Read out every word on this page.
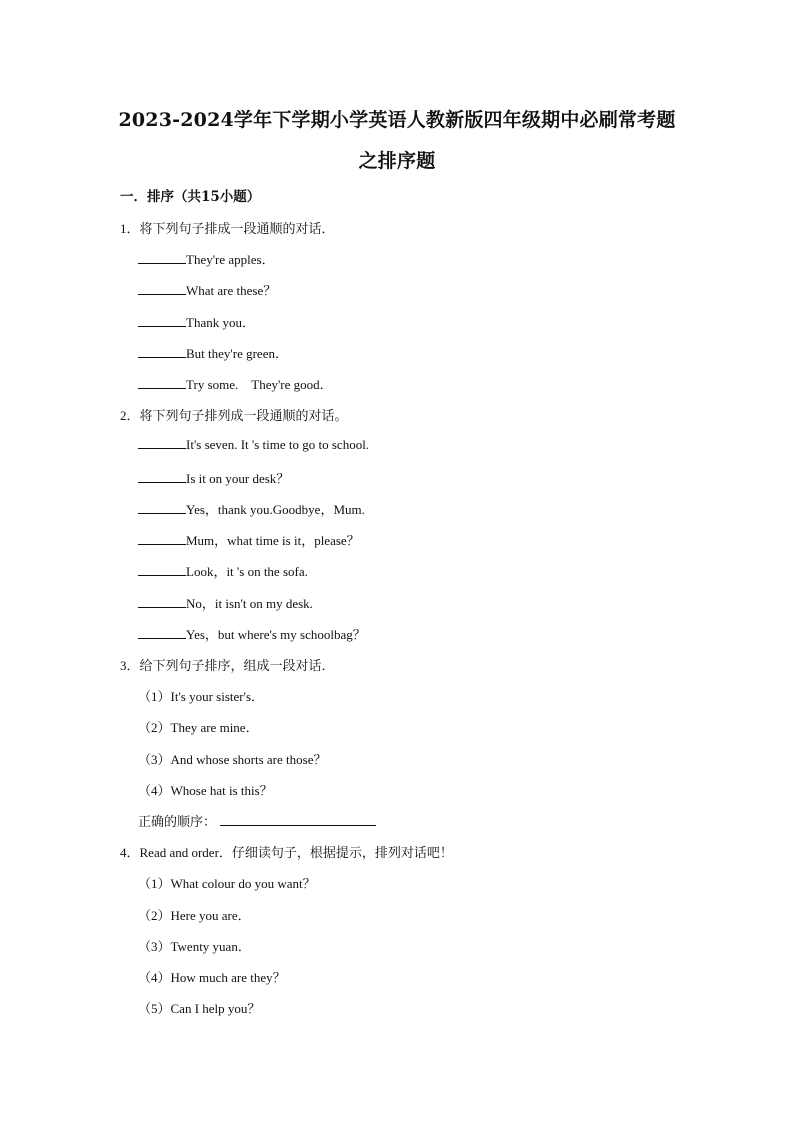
2023-2024学年下学期小学英语人教新版四年级期中必刷常考题
之排序题
一．排序（共15小题）
1．将下列句子排成一段通顺的对话．
They're apples．
What are these？
Thank you．
But they're green．
Try some.　They're good．
2．将下列句子排列成一段通顺的对话。
It's seven. It 's time to go to school.
Is it on your desk？
Yes，thank you.Goodbye，Mum.
Mum，what time is it，please？
Look，it 's on the sofa.
No，it isn't on my desk.
Yes，but where's my schoolbag？
3．给下列句子排序，组成一段对话．
（1）It's your sister's．
（2）They are mine．
（3）And whose shorts are those？
（4）Whose hat is this？
正确的顺序：
4．Read and order．仔细读句子，根据提示，排列对话吧！
（1）What colour do you want？
（2）Here you are．
（3）Twenty yuan．
（4）How much are they？
（5）Can I help you？
